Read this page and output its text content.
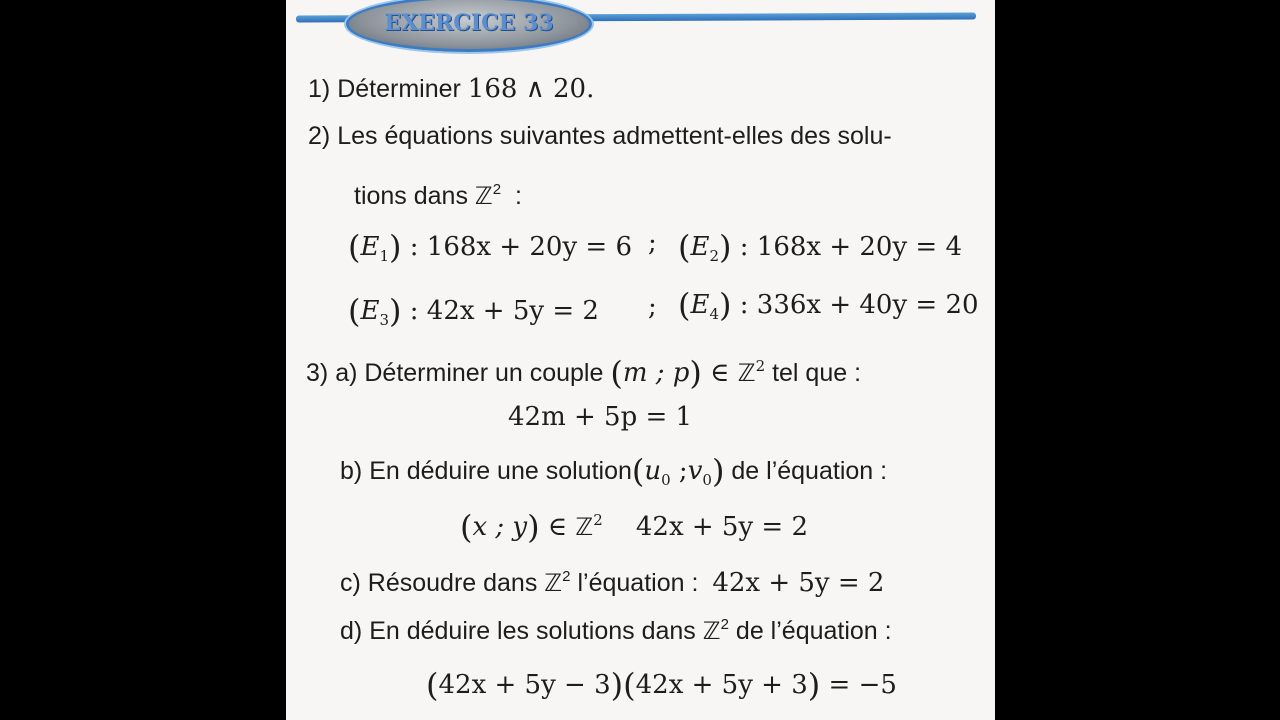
EXERCICE 33
1) Déterminer 168 ∧ 20.
2) Les équations suivantes admettent-elles des solu-
tions dans ℤ$^2$ :
$(E_1)$ : 168x + 20y = 6 ; $(E_2)$ : 168x + 20y = 4
$(E_3)$ : 42x + 5y = 2 ; $(E_4)$ : 336x + 40y = 20
3) a) Déterminer un couple (m ; p) ∈ ℤ$^2$ tel que :
42m + 5p = 1
b) En déduire une $solution(u_0$ $;v_0$) de l’équation :
(x ; y) ∈ ℤ$^2$ 42x + 5y = 2
c) Résoudre dans ℤ$^2$ l’équation : 42x + 5y = 2
d) En déduire les solutions dans ℤ$^2$ de l’équation :
(42x + 5y − 3)(42x + 5y + 3) = −5
